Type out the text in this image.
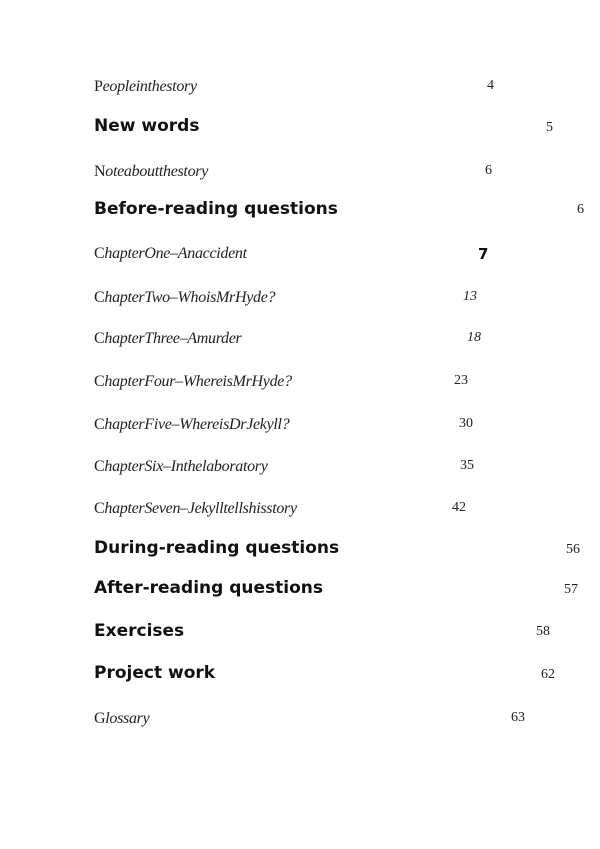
Peopleinthestory	4
New words	5
Noteaboutthestory	6
Before-reading questions	6
ChapterOne–Anaccident	7
ChapterTwo–WhoisMrHyde?	13
ChapterThree–Amurder	18
ChapterFour–WhereisMrHyde?	23
ChapterFive–WhereisDrJekyll?	30
ChapterSix–Inthelaboratory	35
ChapterSeven–Jekylltellshisstory	42
During-reading questions	56
After-reading questions	57
Exercises	58
Project work	62
Glossary	63
